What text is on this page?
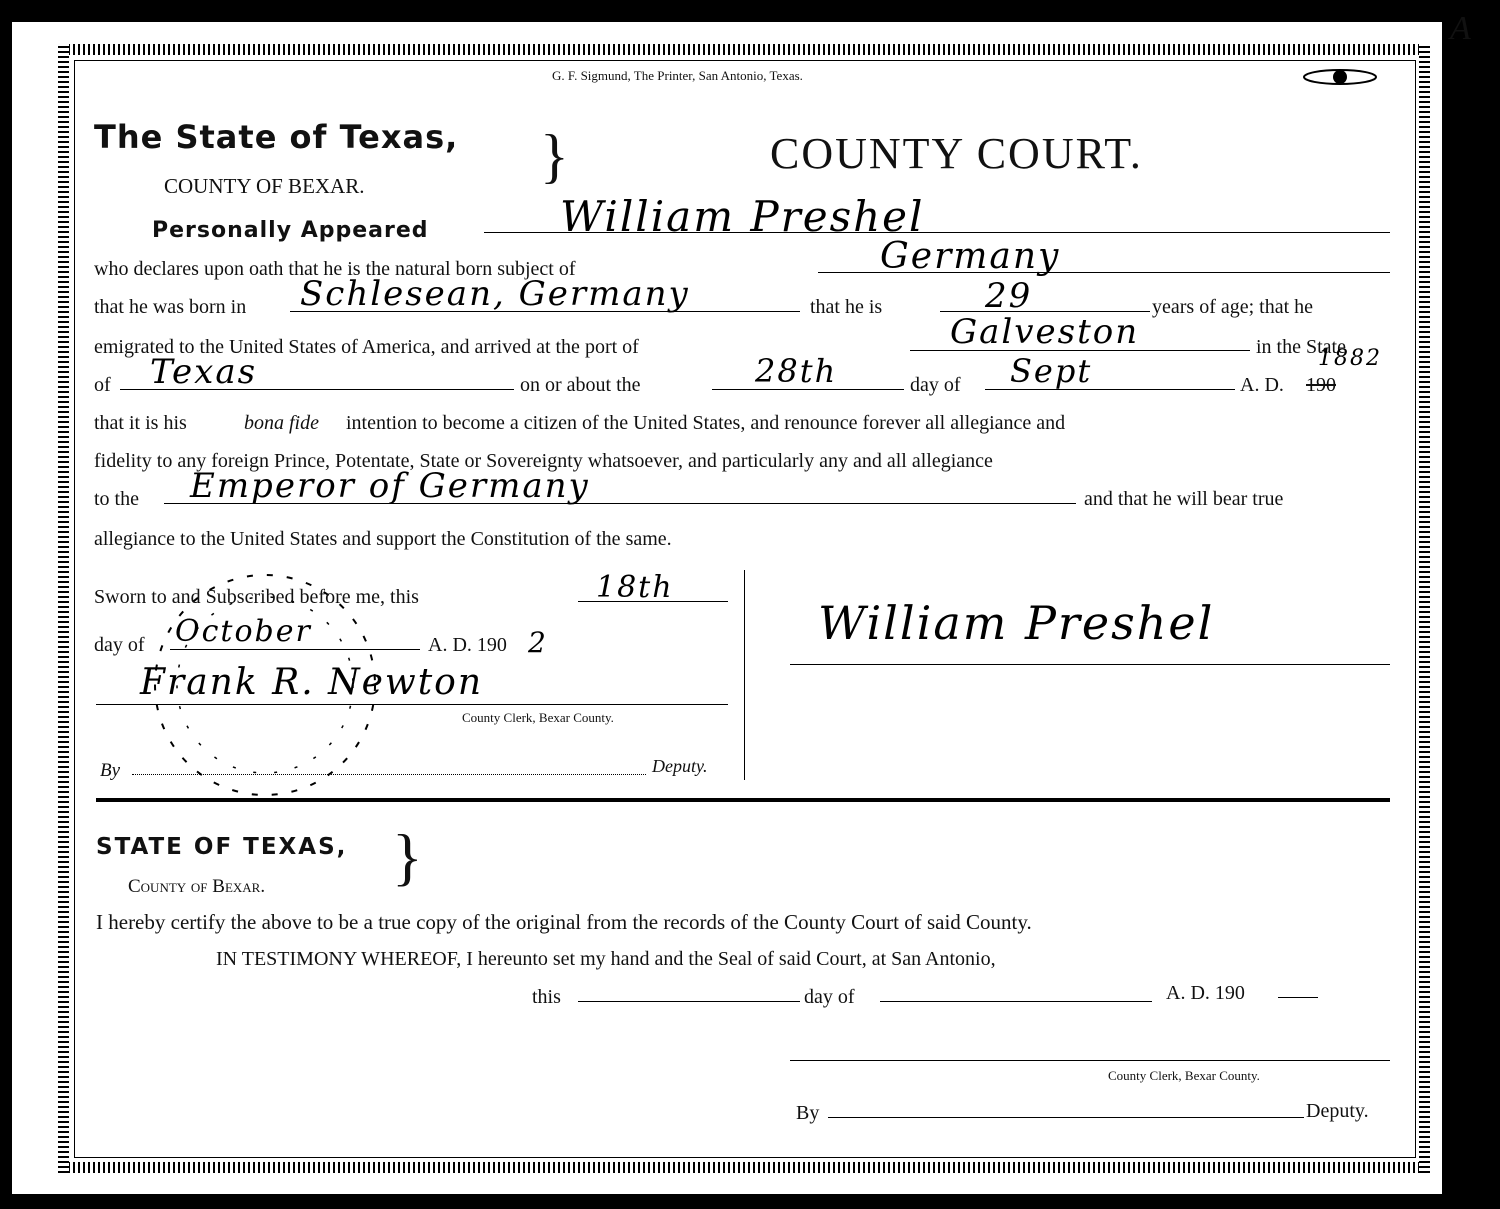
A
G. F. Sigmund, The Printer, San Antonio, Texas.
The State of Texas,
COUNTY OF BEXAR.	}	COUNTY COURT.
Personally Appeared	William Preshel
who declares upon oath that he is the natural born subject of	Germany
that he was born in Schlesean, Germany	that he is	29	years of age; that he
emigrated to the United States of America, and arrived at the port of	Galveston	in the State
of Texas	on or about the	28th	day of Sept	A. D. 190
1882
that it is his	bona fide intention to become a citizen of the United States, and renounce forever all allegiance and
fidelity to any foreign Prince, Potentate, State or Sovereignty whatsoever, and particularly any and all allegiance
to the Emperor of Germany	and that he will bear true
allegiance to the United States and support the Constitution of the same.
Sworn to and Subscribed before me, this	18th
day of October	A. D. 190 2
Frank R. Newton
County Clerk, Bexar County.
By	Deputy.
William Preshel
STATE OF TEXAS, }
County of Bexar.
I hereby certify the above to be a true copy of the original from the records of the County Court of said County.
IN TESTIMONY WHEREOF, I hereunto set my hand and the Seal of said Court, at San Antonio,
this	day of	A. D. 190
County Clerk, Bexar County.
By	Deputy.
